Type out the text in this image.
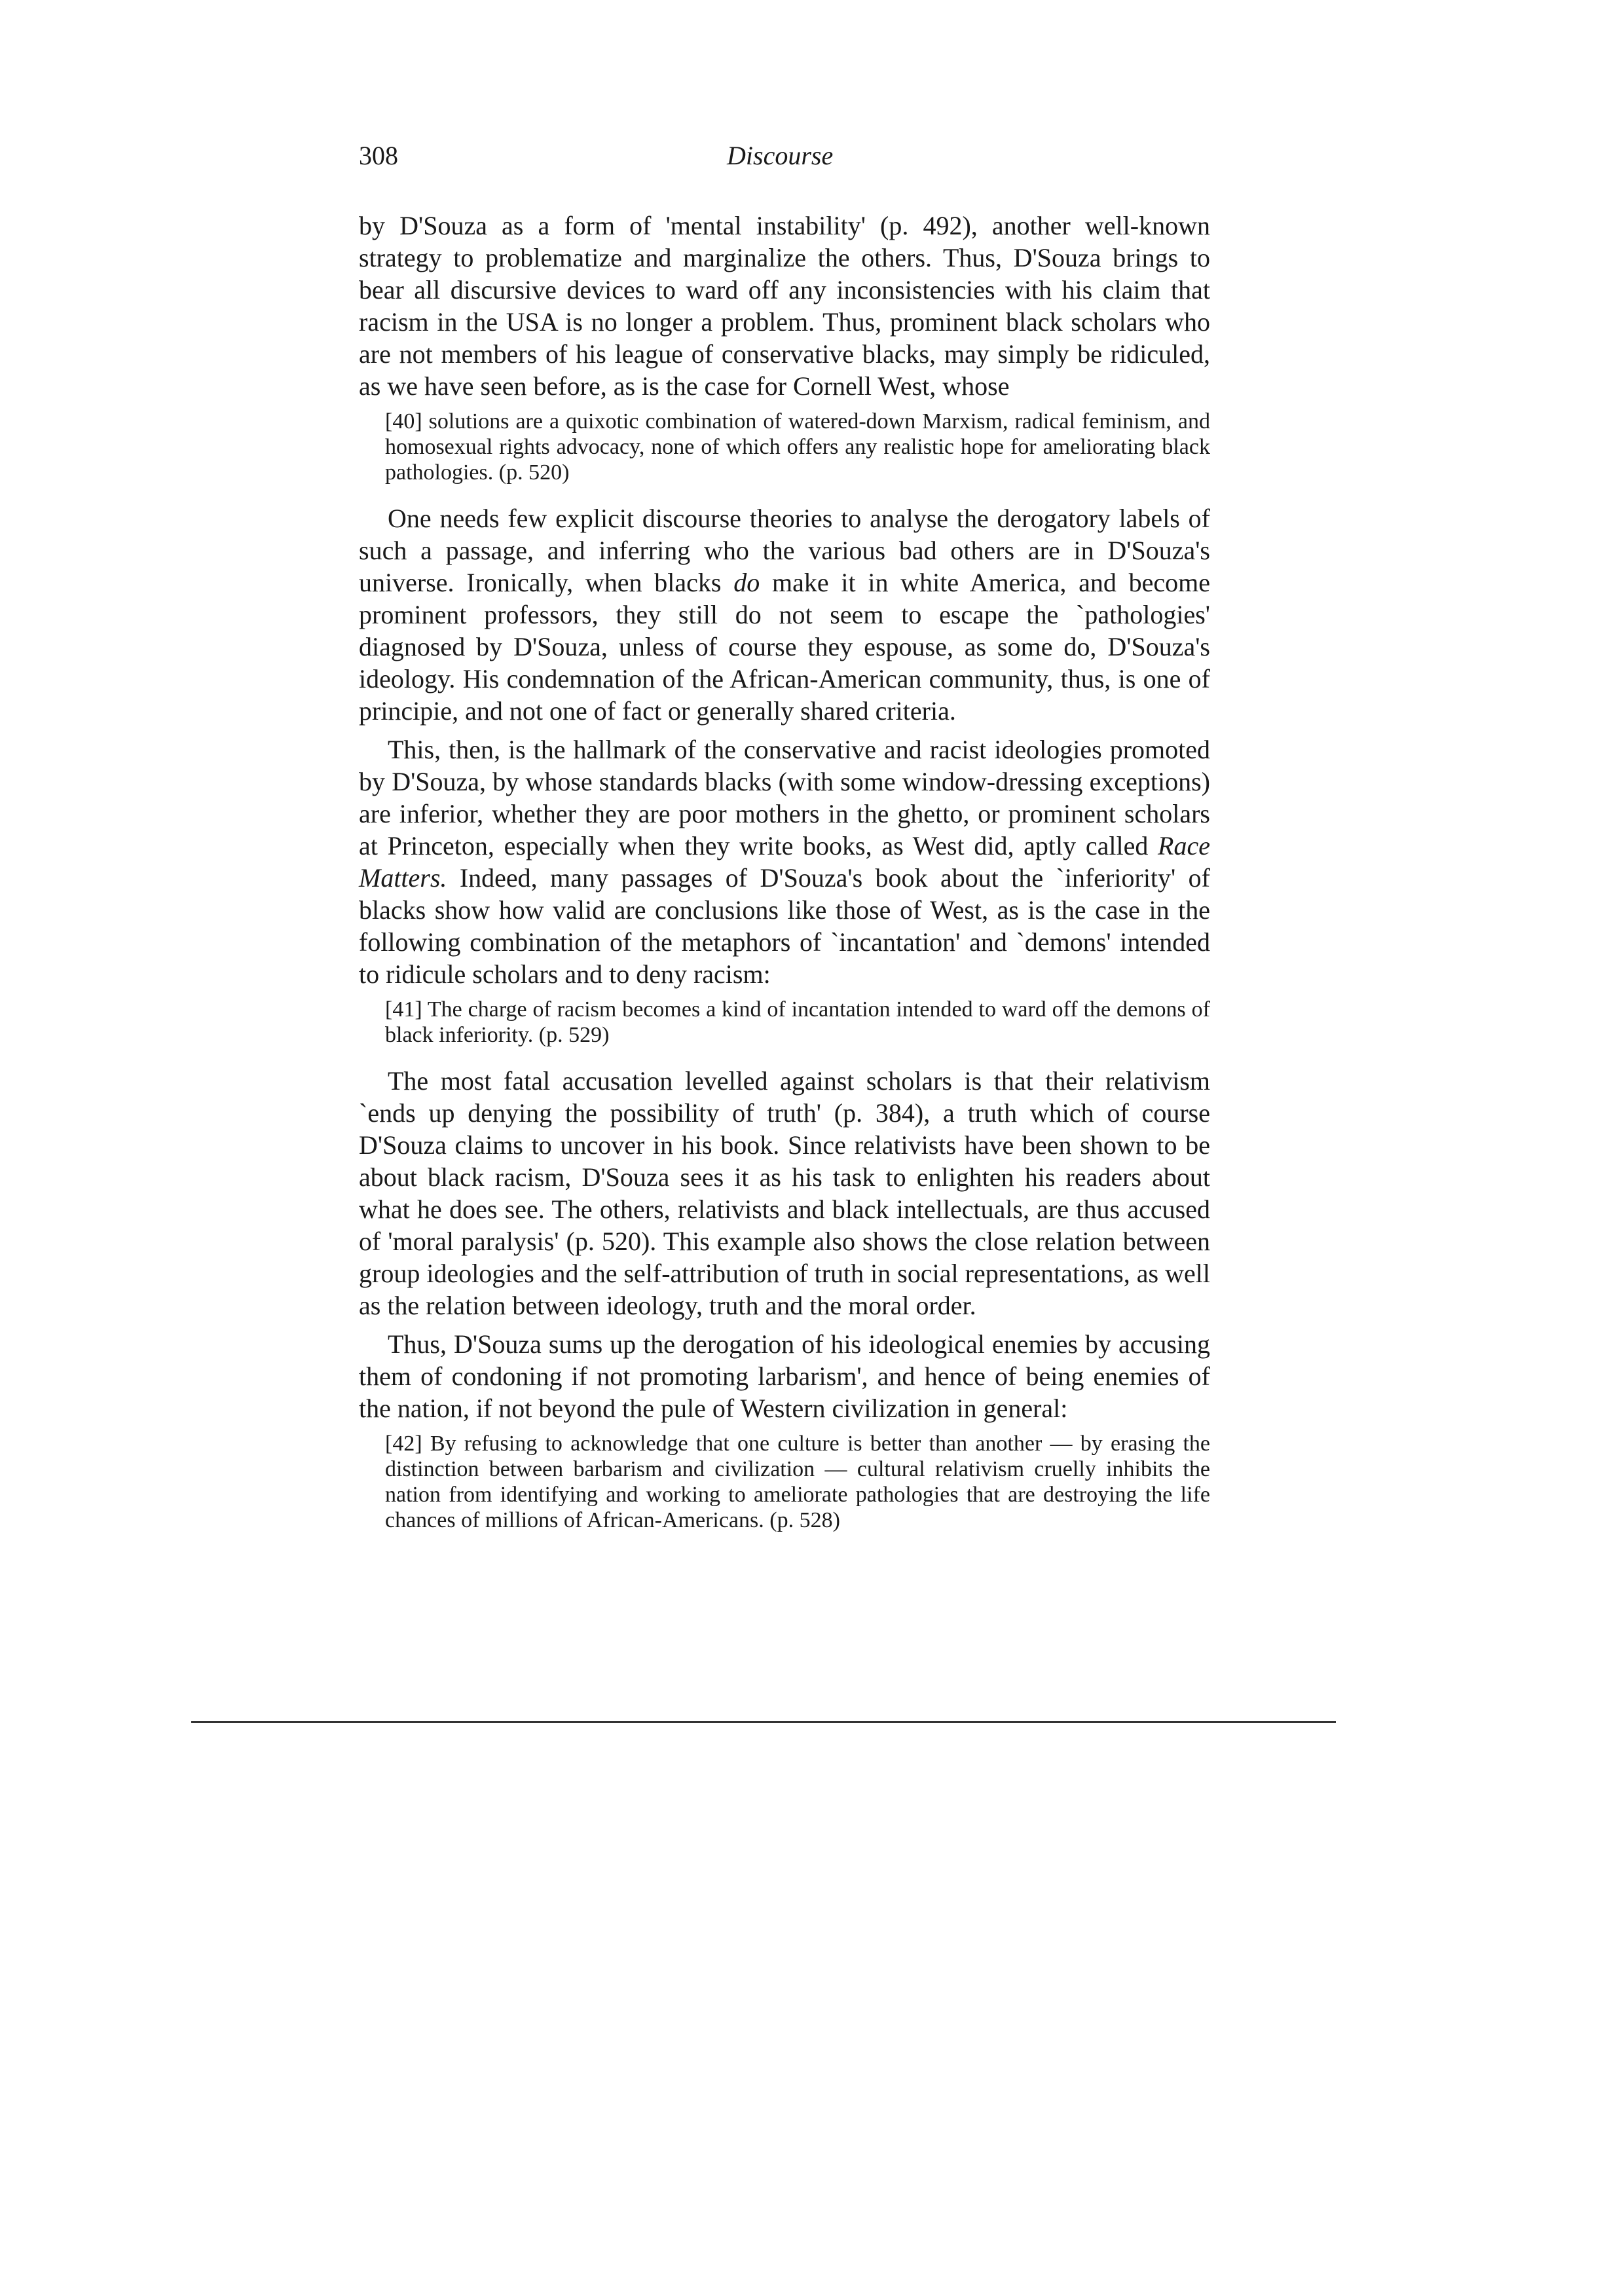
308	Discourse

by D'Souza as a form of 'mental instability' (p. 492), another well-known strategy to problematize and marginalize the others. Thus, D'Souza brings to bear all discursive devices to ward off any inconsistencies with his claim that racism in the USA is no longer a problem. Thus, prominent black scholars who are not members of his league of conservative blacks, may simply be ridiculed, as we have seen before, as is the case for Cornell West, whose

[40] solutions are a quixotic combination of watered-down Marxism, radical feminism, and homosexual rights advocacy, none of which offers any realistic hope for ameliorating black pathologies. (p. 520)

One needs few explicit discourse theories to analyse the derogatory labels of such a passage, and inferring who the various bad others are in D'Souza's universe. Ironically, when blacks do make it in white America, and become prominent professors, they still do not seem to escape the `pathologies' diagnosed by D'Souza, unless of course they espouse, as some do, D'Souza's ideology. His condemnation of the African-American community, thus, is one of principie, and not one of fact or generally shared criteria.

This, then, is the hallmark of the conservative and racist ideologies promoted by D'Souza, by whose standards blacks (with some window-dressing exceptions) are inferior, whether they are poor mothers in the ghetto, or prominent scholars at Princeton, especially when they write books, as West did, aptly called Race Matters. Indeed, many passages of D'Souza's book about the `inferiority' of blacks show how valid are conclusions like those of West, as is the case in the following combination of the metaphors of `incantation' and `demons' intended to ridicule scholars and to deny racism:

[41] The charge of racism becomes a kind of incantation intended to ward off the demons of black inferiority. (p. 529)

The most fatal accusation levelled against scholars is that their relativism `ends up denying the possibility of truth' (p. 384), a truth which of course D'Souza claims to uncover in his book. Since relativists have been shown to be about black racism, D'Souza sees it as his task to enlighten his readers about what he does see. The others, relativists and black intellectuals, are thus accused of 'moral paralysis' (p. 520). This example also shows the close relation between group ideologies and the self-attribution of truth in social representations, as well as the relation between ideology, truth and the moral order.

Thus, D'Souza sums up the derogation of his ideological enemies by accusing them of condoning if not promoting larbarism', and hence of being enemies of the nation, if not beyond the pule of Western civilization in general:

[42] By refusing to acknowledge that one culture is better than another — by erasing the distinction between barbarism and civilization — cultural relativism cruelly inhibits the nation from identifying and working to ameliorate pathologies that are destroying the life chances of millions of African-Americans. (p. 528)
